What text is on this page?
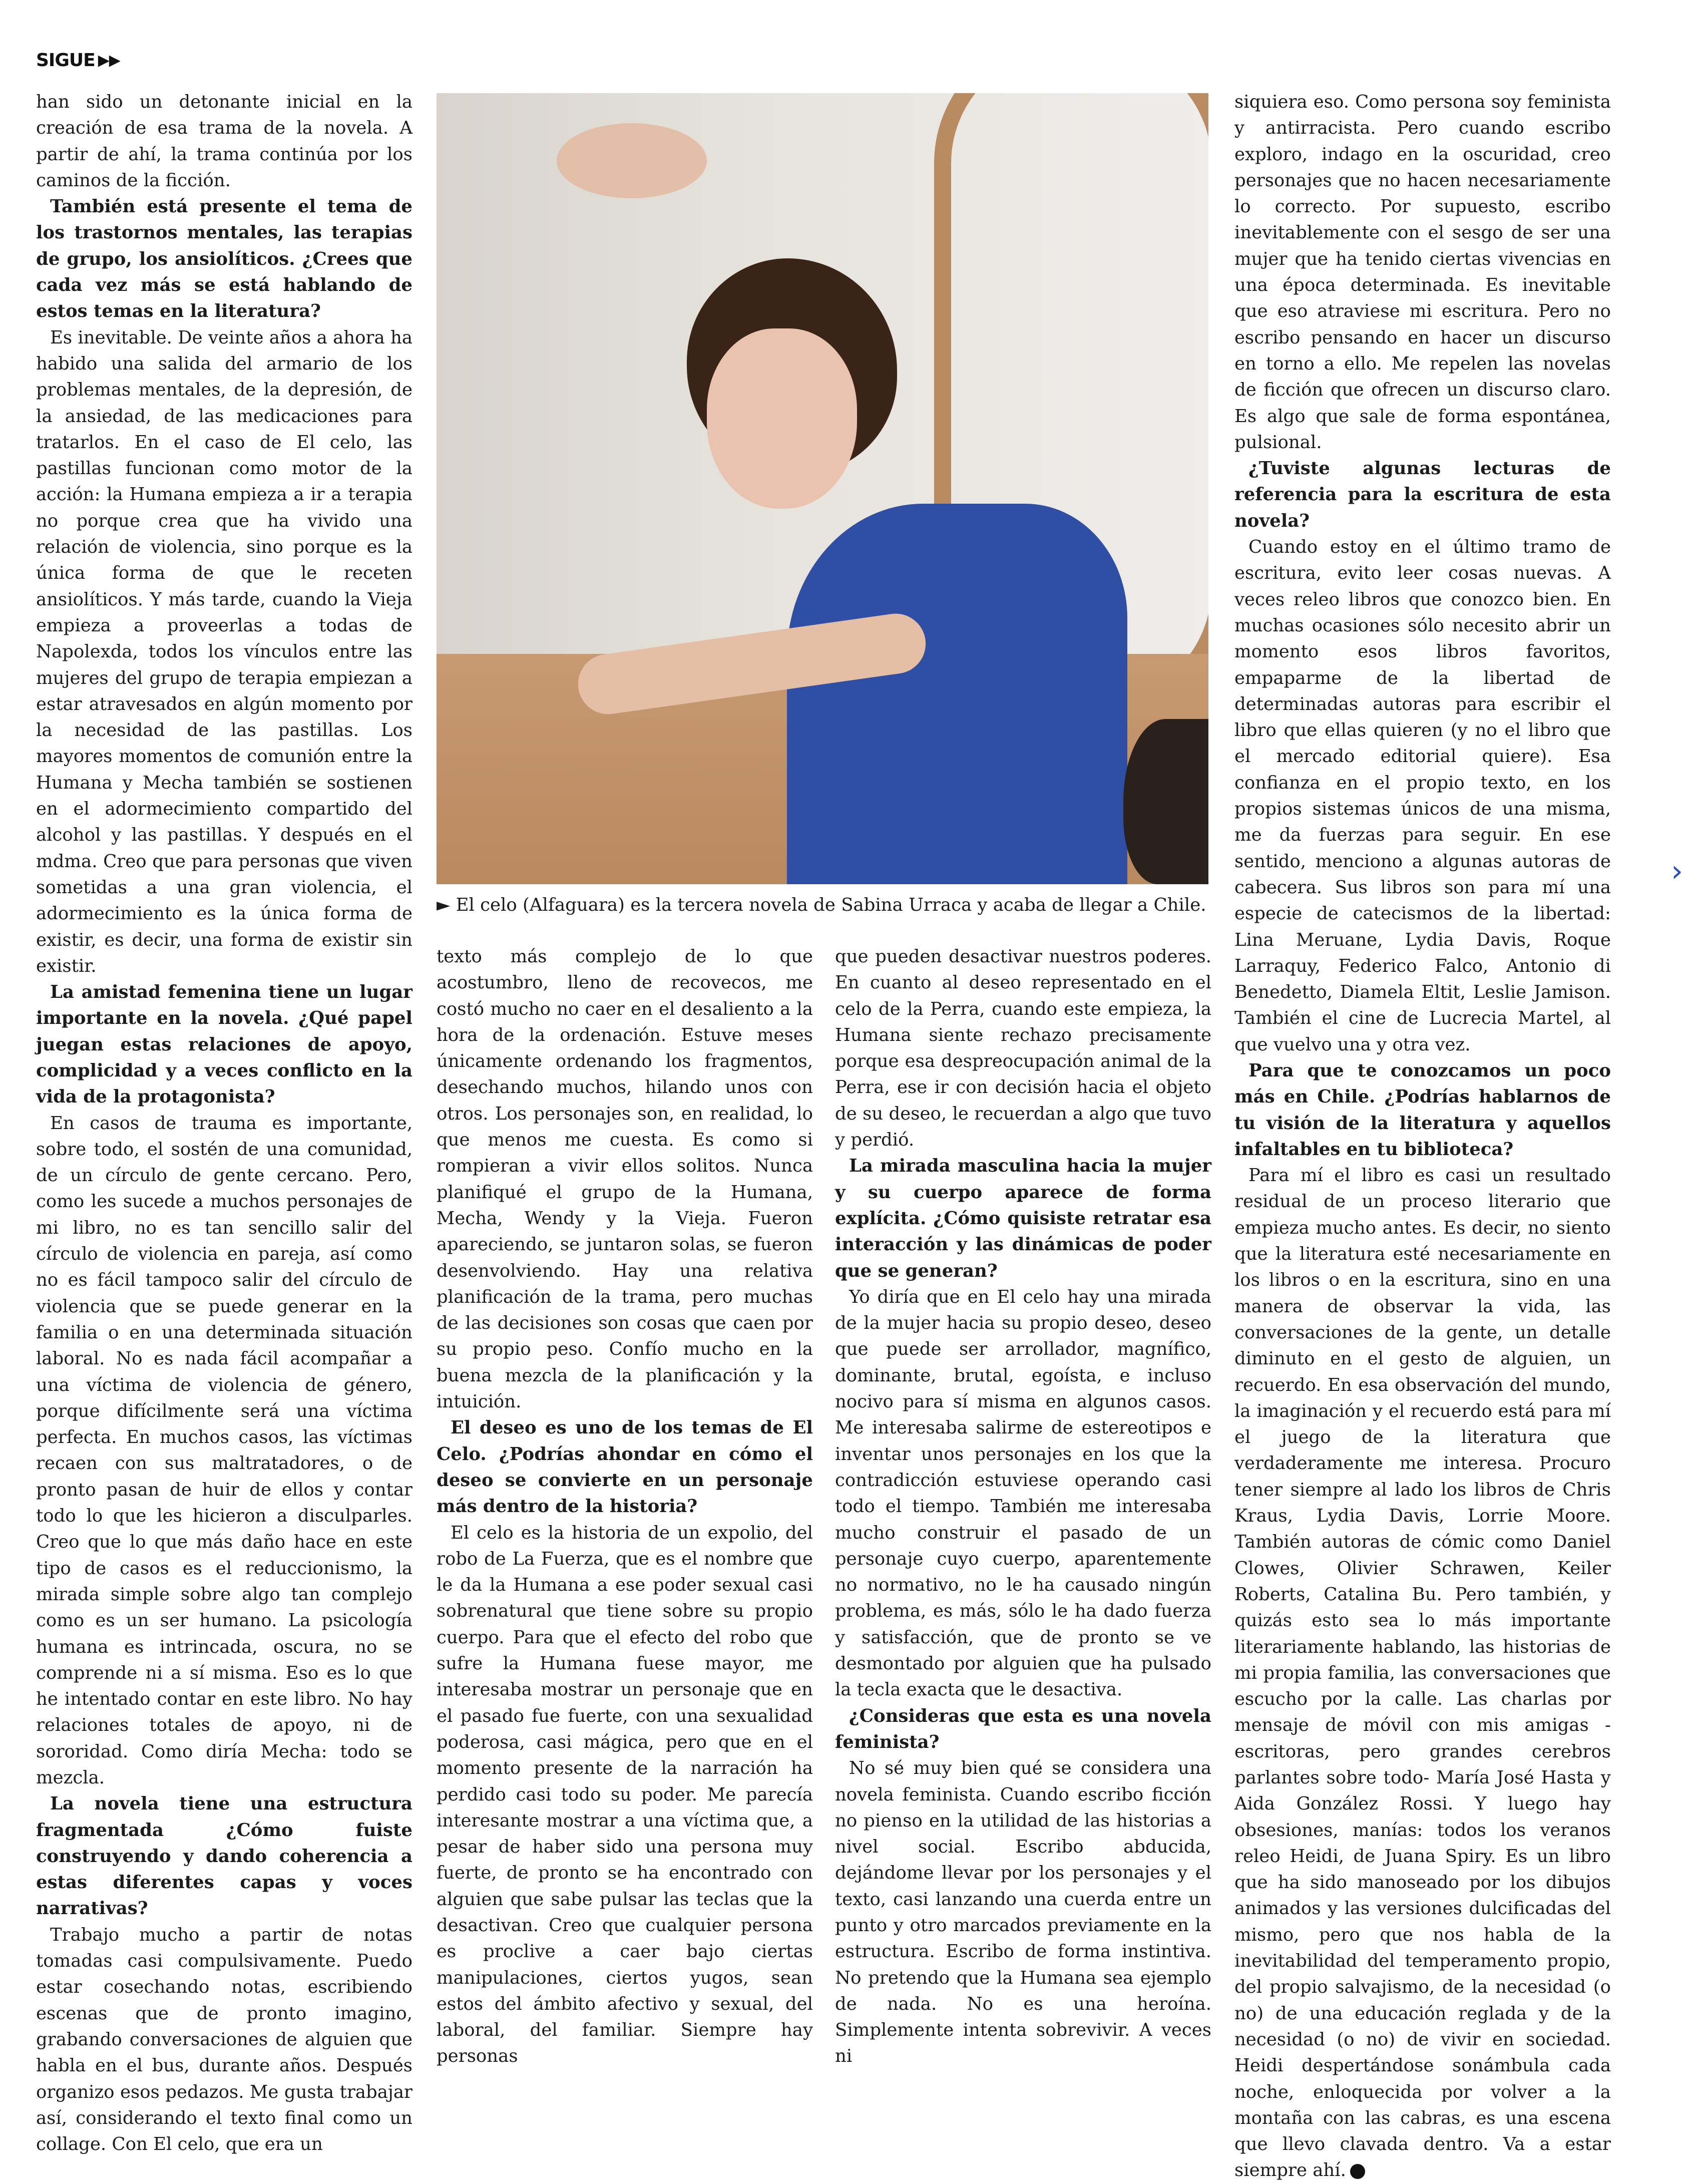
SIGUE ▶▶

han sido un detonante inicial en la creación de esa trama de la novela. A partir de ahí, la trama continúa por los caminos de la ficción.

También está presente el tema de los trastornos mentales, las terapias de grupo, los ansiolíticos. ¿Crees que cada vez más se está hablando de estos temas en la literatura?

Es inevitable. De veinte años a ahora ha habido una salida del armario de los problemas mentales, de la depresión, de la ansiedad, de las medicaciones para tratarlos. En el caso de El celo, las pastillas funcionan como motor de la acción: la Humana empieza a ir a terapia no porque crea que ha vivido una relación de violencia, sino porque es la única forma de que le receten ansiolíticos. Y más tarde, cuando la Vieja empieza a proveerlas a todas de Napolexda, todos los vínculos entre las mujeres del grupo de terapia empiezan a estar atravesados en algún momento por la necesidad de las pastillas. Los mayores momentos de comunión entre la Humana y Mecha también se sostienen en el adormecimiento compartido del alcohol y las pastillas. Y después en el mdma. Creo que para personas que viven sometidas a una gran violencia, el adormecimiento es la única forma de existir, es decir, una forma de existir sin existir.

La amistad femenina tiene un lugar importante en la novela. ¿Qué papel juegan estas relaciones de apoyo, complicidad y a veces conflicto en la vida de la protagonista?

En casos de trauma es importante, sobre todo, el sostén de una comunidad, de un círculo de gente cercano. Pero, como les sucede a muchos personajes de mi libro, no es tan sencillo salir del círculo de violencia en pareja, así como no es fácil tampoco salir del círculo de violencia que se puede generar en la familia o en una determinada situación laboral. No es nada fácil acompañar a una víctima de violencia de género, porque difícilmente será una víctima perfecta. En muchos casos, las víctimas recaen con sus maltratadores, o de pronto pasan de huir de ellos y contar todo lo que les hicieron a disculparles. Creo que lo que más daño hace en este tipo de casos es el reduccionismo, la mirada simple sobre algo tan complejo como es un ser humano. La psicología humana es intrincada, oscura, no se comprende ni a sí misma. Eso es lo que he intentado contar en este libro. No hay relaciones totales de apoyo, ni de sororidad. Como diría Mecha: todo se mezcla.

La novela tiene una estructura fragmentada ¿Cómo fuiste construyendo y dando coherencia a estas diferentes capas y voces narrativas?

Trabajo mucho a partir de notas tomadas casi compulsivamente. Puedo estar cosechando notas, escribiendo escenas que de pronto imagino, grabando conversaciones de alguien que habla en el bus, durante años. Después organizo esos pedazos. Me gusta trabajar así, considerando el texto final como un collage. Con El celo, que era un

► El celo (Alfaguara) es la tercera novela de Sabina Urraca y acaba de llegar a Chile.

texto más complejo de lo que acostumbro, lleno de recovecos, me costó mucho no caer en el desaliento a la hora de la ordenación. Estuve meses únicamente ordenando los fragmentos, desechando muchos, hilando unos con otros. Los personajes son, en realidad, lo que menos me cuesta. Es como si rompieran a vivir ellos solitos. Nunca planifiqué el grupo de la Humana, Mecha, Wendy y la Vieja. Fueron apareciendo, se juntaron solas, se fueron desenvolviendo. Hay una relativa planificación de la trama, pero muchas de las decisiones son cosas que caen por su propio peso. Confío mucho en la buena mezcla de la planificación y la intuición.

El deseo es uno de los temas de El Celo. ¿Podrías ahondar en cómo el deseo se convierte en un personaje más dentro de la historia?

El celo es la historia de un expolio, del robo de La Fuerza, que es el nombre que le da la Humana a ese poder sexual casi sobrenatural que tiene sobre su propio cuerpo. Para que el efecto del robo que sufre la Humana fuese mayor, me interesaba mostrar un personaje que en el pasado fue fuerte, con una sexualidad poderosa, casi mágica, pero que en el momento presente de la narración ha perdido casi todo su poder. Me parecía interesante mostrar a una víctima que, a pesar de haber sido una persona muy fuerte, de pronto se ha encontrado con alguien que sabe pulsar las teclas que la desactivan. Creo que cualquier persona es proclive a caer bajo ciertas manipulaciones, ciertos yugos, sean estos del ámbito afectivo y sexual, del laboral, del familiar. Siempre hay personas

que pueden desactivar nuestros poderes. En cuanto al deseo representado en el celo de la Perra, cuando este empieza, la Humana siente rechazo precisamente porque esa despreocupación animal de la Perra, ese ir con decisión hacia el objeto de su deseo, le recuerdan a algo que tuvo y perdió.

La mirada masculina hacia la mujer y su cuerpo aparece de forma explícita. ¿Cómo quisiste retratar esa interacción y las dinámicas de poder que se generan?

Yo diría que en El celo hay una mirada de la mujer hacia su propio deseo, deseo que puede ser arrollador, magnífico, dominante, brutal, egoísta, e incluso nocivo para sí misma en algunos casos. Me interesaba salirme de estereotipos e inventar unos personajes en los que la contradicción estuviese operando casi todo el tiempo. También me interesaba mucho construir el pasado de un personaje cuyo cuerpo, aparentemente no normativo, no le ha causado ningún problema, es más, sólo le ha dado fuerza y satisfacción, que de pronto se ve desmontado por alguien que ha pulsado la tecla exacta que le desactiva.

¿Consideras que esta es una novela feminista?

No sé muy bien qué se considera una novela feminista. Cuando escribo ficción no pienso en la utilidad de las historias a nivel social. Escribo abducida, dejándome llevar por los personajes y el texto, casi lanzando una cuerda entre un punto y otro marcados previamente en la estructura. Escribo de forma instintiva. No pretendo que la Humana sea ejemplo de nada. No es una heroína. Simplemente intenta sobrevivir. A veces ni

siquiera eso. Como persona soy feminista y antirracista. Pero cuando escribo exploro, indago en la oscuridad, creo personajes que no hacen necesariamente lo correcto. Por supuesto, escribo inevitablemente con el sesgo de ser una mujer que ha tenido ciertas vivencias en una época determinada. Es inevitable que eso atraviese mi escritura. Pero no escribo pensando en hacer un discurso en torno a ello. Me repelen las novelas de ficción que ofrecen un discurso claro. Es algo que sale de forma espontánea, pulsional.

¿Tuviste algunas lecturas de referencia para la escritura de esta novela?

Cuando estoy en el último tramo de escritura, evito leer cosas nuevas. A veces releo libros que conozco bien. En muchas ocasiones sólo necesito abrir un momento esos libros favoritos, empaparme de la libertad de determinadas autoras para escribir el libro que ellas quieren (y no el libro que el mercado editorial quiere). Esa confianza en el propio texto, en los propios sistemas únicos de una misma, me da fuerzas para seguir. En ese sentido, menciono a algunas autoras de cabecera. Sus libros son para mí una especie de catecismos de la libertad: Lina Meruane, Lydia Davis, Roque Larraquy, Federico Falco, Antonio di Benedetto, Diamela Eltit, Leslie Jamison. También el cine de Lucrecia Martel, al que vuelvo una y otra vez.

Para que te conozcamos un poco más en Chile. ¿Podrías hablarnos de tu visión de la literatura y aquellos infaltables en tu biblioteca?

Para mí el libro es casi un resultado residual de un proceso literario que empieza mucho antes. Es decir, no siento que la literatura esté necesariamente en los libros o en la escritura, sino en una manera de observar la vida, las conversaciones de la gente, un detalle diminuto en el gesto de alguien, un recuerdo. En esa observación del mundo, la imaginación y el recuerdo está para mí el juego de la literatura que verdaderamente me interesa. Procuro tener siempre al lado los libros de Chris Kraus, Lydia Davis, Lorrie Moore. También autoras de cómic como Daniel Clowes, Olivier Schrawen, Keiler Roberts, Catalina Bu. Pero también, y quizás esto sea lo más importante literariamente hablando, las historias de mi propia familia, las conversaciones que escucho por la calle. Las charlas por mensaje de móvil con mis amigas -escritoras, pero grandes cerebros parlantes sobre todo- María José Hasta y Aida González Rossi. Y luego hay obsesiones, manías: todos los veranos releo Heidi, de Juana Spiry. Es un libro que ha sido manoseado por los dibujos animados y las versiones dulcificadas del mismo, pero que nos habla de la inevitabilidad del temperamento propio, del propio salvajismo, de la necesidad (o no) de una educación reglada y de la necesidad (o no) de vivir en sociedad. Heidi despertándose sonámbula cada noche, enloquecida por volver a la montaña con las cabras, es una escena que llevo clavada dentro. Va a estar siempre ahí.

›
